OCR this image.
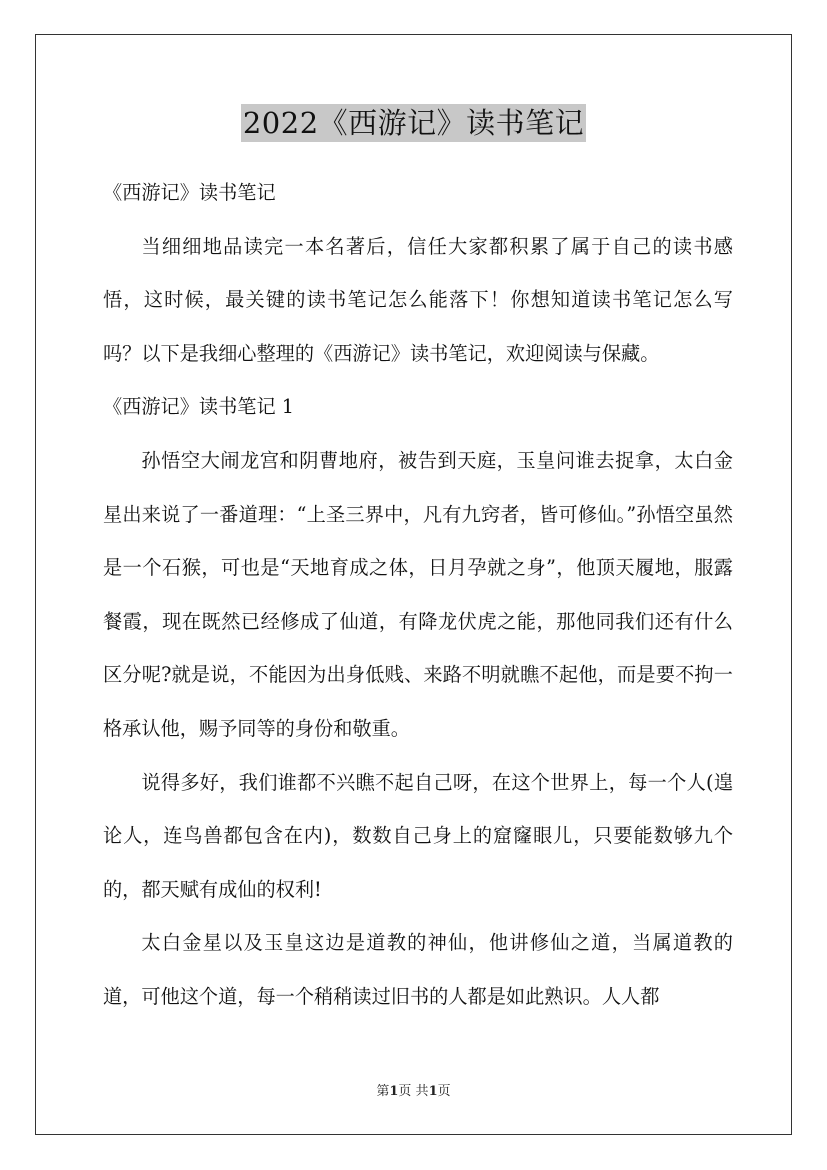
2022《西游记》读书笔记

《西游记》读书笔记

当细细地品读完一本名著后，信任大家都积累了属于自己的读书感悟，这时候，最关键的读书笔记怎么能落下！你想知道读书笔记怎么写吗？以下是我细心整理的《西游记》读书笔记，欢迎阅读与保藏。

《西游记》读书笔记 1

孙悟空大闹龙宫和阴曹地府，被告到天庭，玉皇问谁去捉拿，太白金星出来说了一番道理：“上圣三界中，凡有九窍者，皆可修仙。”孙悟空虽然是一个石猴，可也是“天地育成之体，日月孕就之身”，他顶天履地，服露餐霞，现在既然已经修成了仙道，有降龙伏虎之能，那他同我们还有什么区分呢?就是说，不能因为出身低贱、来路不明就瞧不起他，而是要不拘一格承认他，赐予同等的身份和敬重。

说得多好，我们谁都不兴瞧不起自己呀，在这个世界上，每一个人(遑论人，连鸟兽都包含在内)，数数自己身上的窟窿眼儿，只要能数够九个的，都天赋有成仙的权利!

太白金星以及玉皇这边是道教的神仙，他讲修仙之道，当属道教的道，可他这个道，每一个稍稍读过旧书的人都是如此熟识。人人都

第1页 共1页
